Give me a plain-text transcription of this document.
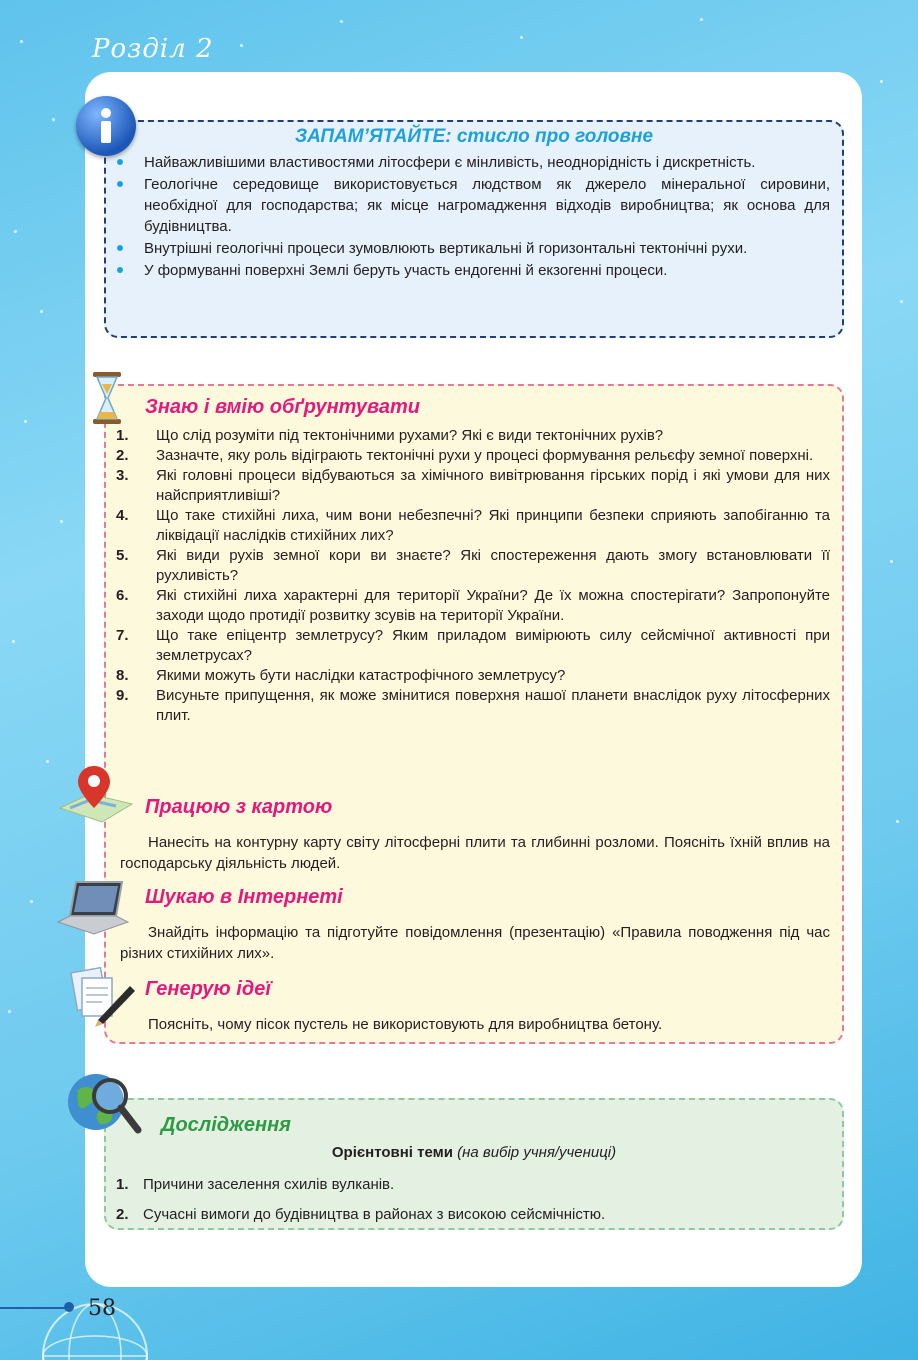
Розділ 2
ЗАПАМ’ЯТАЙТЕ: стисло про головне
Найважливішими властивостями літосфери є мінливість, неоднорідність і дискретність.
Геологічне середовище використовується людством як джерело мінеральної сировини, необхідної для господарства; як місце нагромадження відходів виробництва; як основа для будівництва.
Внутрішні геологічні процеси зумовлюють вертикальні й горизонтальні тектонічні рухи.
У формуванні поверхні Землі беруть участь ендогенні й екзогенні процеси.
Знаю і вмію обґрунтувати
1. Що слід розуміти під тектонічними рухами? Які є види тектонічних рухів?
2. Зазначте, яку роль відіграють тектонічні рухи у процесі формування рельєфу земної поверхні.
3. Які головні процеси відбуваються за хімічного вивітрювання гірських порід і які умови для них найсприятливіші?
4. Що таке стихійні лиха, чим вони небезпечні? Які принципи безпеки сприяють запобіганню та ліквідації наслідків стихійних лих?
5. Які види рухів земної кори ви знаєте? Які спостереження дають змогу встановлювати її рухливість?
6. Які стихійні лиха характерні для території України? Де їх можна спостерігати? Запропонуйте заходи щодо протидії розвитку зсувів на території України.
7. Що таке епіцентр землетрусу? Яким приладом вимірюють силу сейсмічної активності при землетрусах?
8. Якими можуть бути наслідки катастрофічного землетрусу?
9. Висуньте припущення, як може змінитися поверхня нашої планети внаслідок руху літосферних плит.
Працюю з картою
Нанесіть на контурну карту світу літосферні плити та глибинні розломи. Поясніть їхній вплив на господарську діяльність людей.
Шукаю в Інтернеті
Знайдіть інформацію та підготуйте повідомлення (презентацію) «Правила поводження під час різних стихійних лих».
Генерую ідеї
Поясніть, чому пісок пустель не використовують для виробництва бетону.
Дослідження
Орієнтовні теми (на вибір учня/учениці)
1. Причини заселення схилів вулканів.
2. Сучасні вимоги до будівництва в районах з високою сейсмічністю.
58
